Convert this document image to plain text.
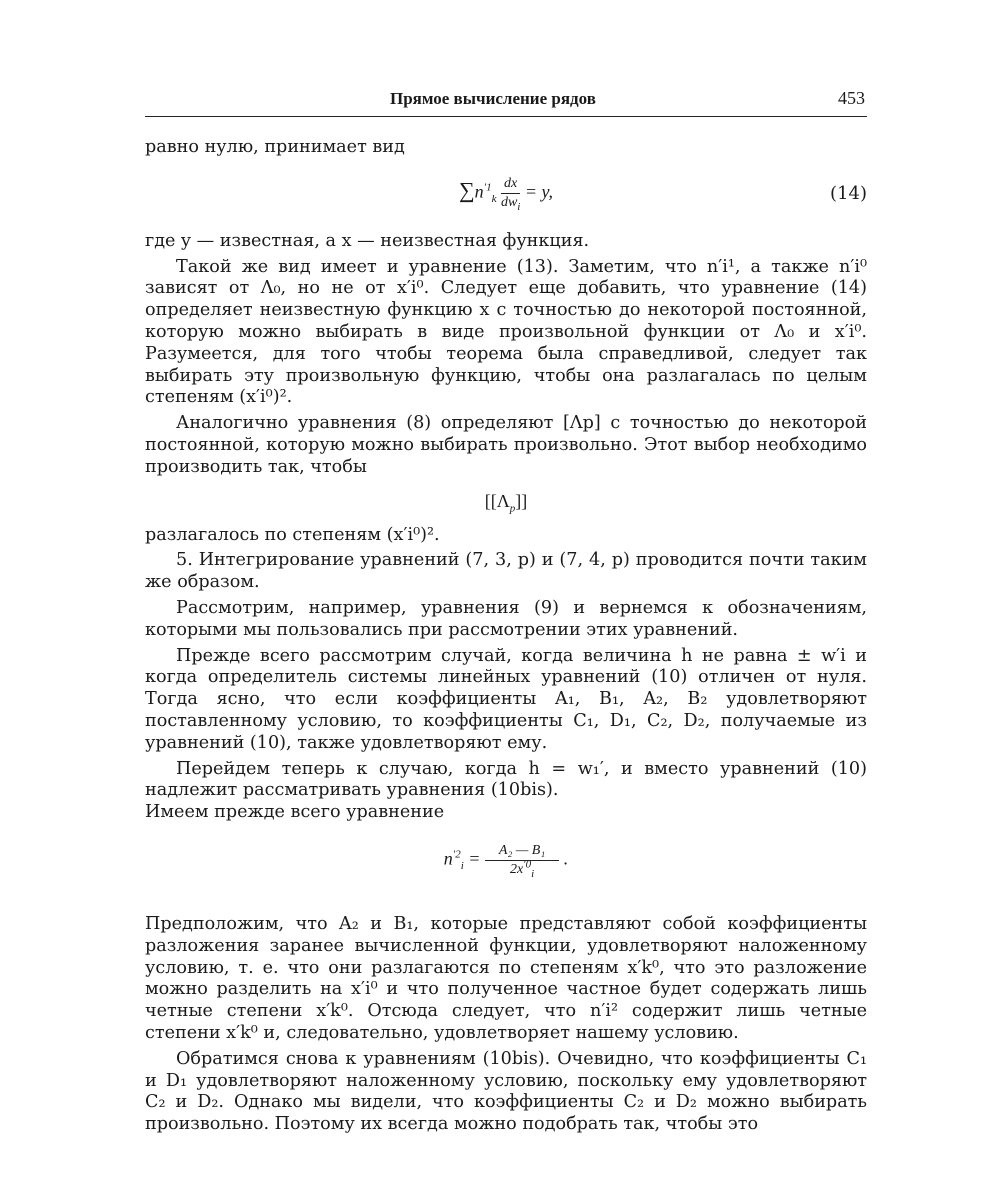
Прямое вычисление рядов	453

равно нулю, принимает вид

$\sum n^{'1}_k \frac{dx}{dw_i} = y$,	(14)

где y — известная, а x — неизвестная функция.

Такой же вид имеет и уравнение (13). Заметим, что n′i¹, а также n′i⁰ зависят от Λ₀, но не от x′i⁰. Следует еще добавить, что уравнение (14) определяет неизвестную функцию x с точностью до некоторой постоянной, которую можно выбирать в виде произвольной функции от Λ₀ и x′i⁰. Разумеется, для того чтобы теорема была справедливой, следует так выбирать эту произвольную функцию, чтобы она разлагалась по целым степеням (x′i⁰)².

Аналогично уравнения (8) определяют [Λp] с точностью до некоторой постоянной, которую можно выбирать произвольно. Этот выбор необходимо производить так, чтобы

$[[\Lambda_p]]$

разлагалось по степеням (x′i⁰)².

5. Интегрирование уравнений (7, 3, p) и (7, 4, p) проводится почти таким же образом.

Рассмотрим, например, уравнения (9) и вернемся к обозначениям, которыми мы пользовались при рассмотрении этих уравнений.

Прежде всего рассмотрим случай, когда величина h не равна ± w′i и когда определитель системы линейных уравнений (10) отличен от нуля. Тогда ясно, что если коэффициенты A₁, B₁, A₂, B₂ удовлетворяют поставленному условию, то коэффициенты C₁, D₁, C₂, D₂, получаемые из уравнений (10), также удовлетворяют ему.

Перейдем теперь к случаю, когда h = w₁′, и вместо уравнений (10) надлежит рассматривать уравнения (10bis).

Имеем прежде всего уравнение

$n^{'2}_i = \frac{\text{A₂ — B₁}}{2x^{'0}_i}$ .

Предположим, что A₂ и B₁, которые представляют собой коэффициенты разложения заранее вычисленной функции, удовлетворяют наложенному условию, т. е. что они разлагаются по степеням x′k⁰, что это разложение можно разделить на x′i⁰ и что полученное частное будет содержать лишь четные степени x′k⁰. Отсюда следует, что n′i² содержит лишь четные степени x′k⁰ и, следовательно, удовлетворяет нашему условию.

Обратимся снова к уравнениям (10bis). Очевидно, что коэффициенты C₁ и D₁ удовлетворяют наложенному условию, поскольку ему удовлетворяют C₂ и D₂. Однако мы видели, что коэффициенты C₂ и D₂ можно выбирать произвольно. Поэтому их всегда можно подобрать так, чтобы это
